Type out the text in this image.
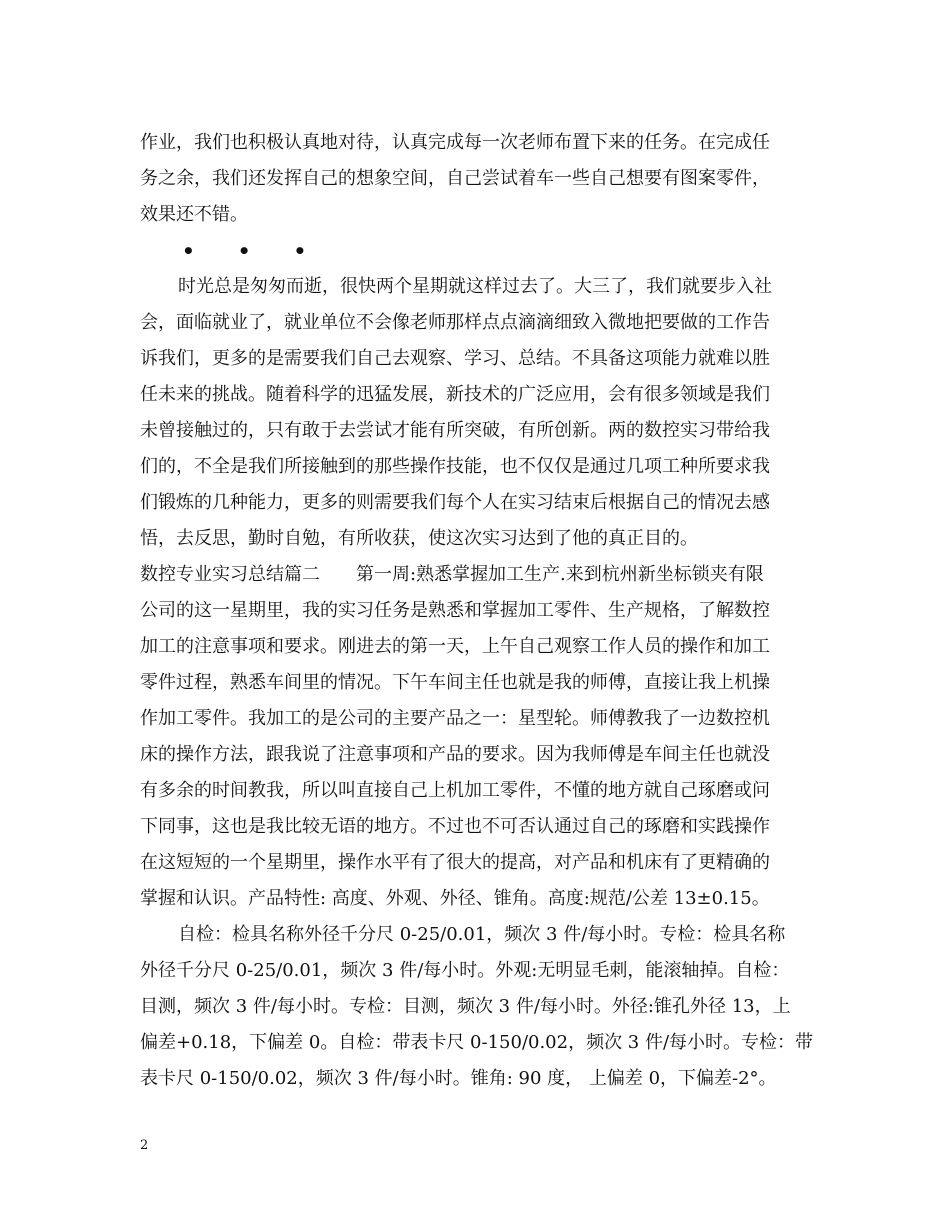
作业，我们也积极认真地对待，认真完成每一次老师布置下来的任务。在完成任
务之余，我们还发挥自己的想象空间，自己尝试着车一些自己想要有图案零件，
效果还不错。
• • •
时光总是匆匆而逝，很快两个星期就这样过去了。大三了，我们就要步入社
会，面临就业了，就业单位不会像老师那样点点滴滴细致入微地把要做的工作告
诉我们，更多的是需要我们自己去观察、学习、总结。不具备这项能力就难以胜
任未来的挑战。随着科学的迅猛发展，新技术的广泛应用，会有很多领域是我们
未曾接触过的，只有敢于去尝试才能有所突破，有所创新。两的数控实习带给我
们的，不全是我们所接触到的那些操作技能，也不仅仅是通过几项工种所要求我
们锻炼的几种能力，更多的则需要我们每个人在实习结束后根据自己的情况去感
悟，去反思，勤时自勉，有所收获，使这次实习达到了他的真正目的。
数控专业实习总结篇二　　第一周:熟悉掌握加工生产.来到杭州新坐标锁夹有限
公司的这一星期里，我的实习任务是熟悉和掌握加工零件、生产规格，了解数控
加工的注意事项和要求。刚进去的第一天，上午自己观察工作人员的操作和加工
零件过程，熟悉车间里的情况。下午车间主任也就是我的师傅，直接让我上机操
作加工零件。我加工的是公司的主要产品之一：星型轮。师傅教我了一边数控机
床的操作方法，跟我说了注意事项和产品的要求。因为我师傅是车间主任也就没
有多余的时间教我，所以叫直接自己上机加工零件，不懂的地方就自己琢磨或问
下同事，这也是我比较无语的地方。不过也不可否认通过自己的琢磨和实践操作
在这短短的一个星期里，操作水平有了很大的提高，对产品和机床有了更精确的
掌握和认识。产品特性: 高度、外观、外径、锥角。高度:规范/公差 13±0.15。
自检：检具名称外径千分尺 0-25/0.01，频次 3 件/每小时。专检：检具名称
外径千分尺 0-25/0.01，频次 3 件/每小时。外观:无明显毛刺，能滚轴掉。自检：
目测，频次 3 件/每小时。专检：目测，频次 3 件/每小时。外径:锥孔外径 13，上
偏差+0.18，下偏差 0。自检：带表卡尺 0-150/0.02，频次 3 件/每小时。专检：带
表卡尺 0-150/0.02，频次 3 件/每小时。锥角: 90 度， 上偏差 0，下偏差-2°。
2
